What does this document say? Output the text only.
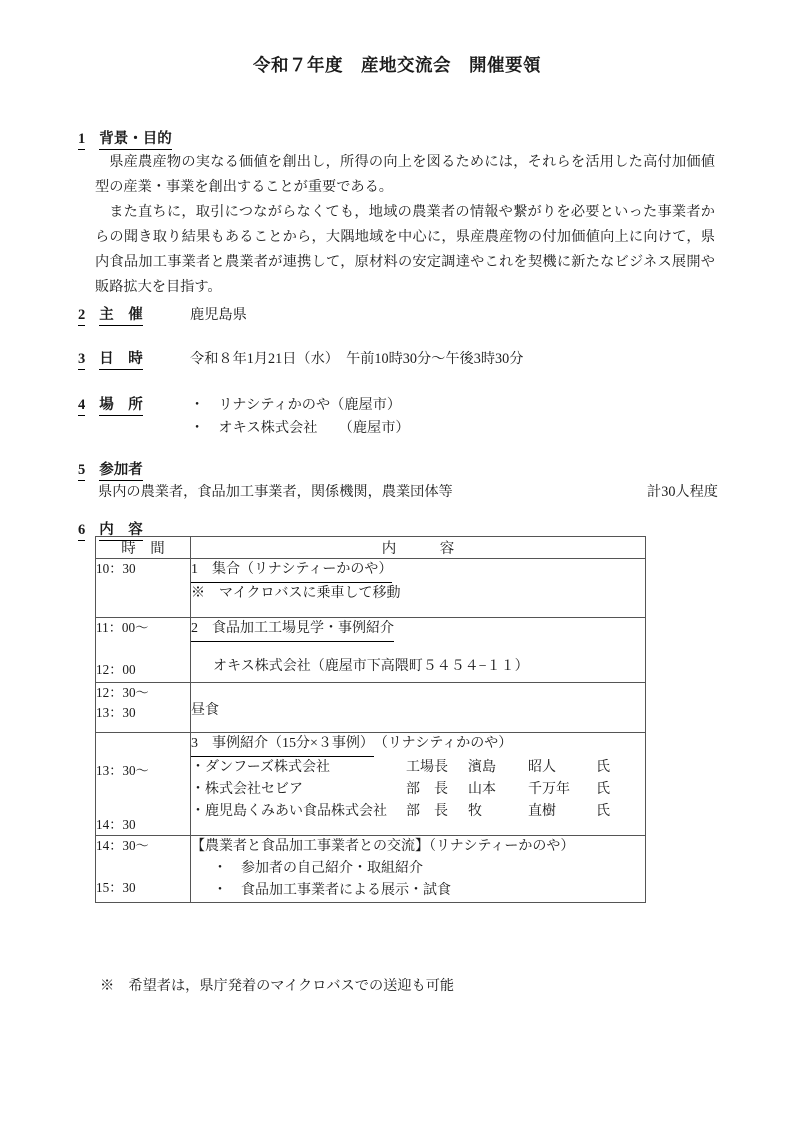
令和７年度　産地交流会　開催要領
1 背景・目的

県産農産物の実なる価値を創出し，所得の向上を図るためには，それらを活用した高付加価値型の産業・事業を創出することが重要である。

また直ちに，取引につながらなくても，地域の農業者の情報や繋がりを必要といった事業者からの聞き取り結果もあることから，大隅地域を中心に，県産農産物の付加価値向上に向けて，県内食品加工事業者と農業者が連携して，原材料の安定調達やこれを契機に新たなビジネス展開や販路拡大を目指す。

2 主　催	鹿児島県
3 日　時	令和８年1月21日（水）　午前10時30分〜午後3時30分
4 場　所	・　リナシティかのや（鹿屋市）
・　オキス株式会社　　（鹿屋市）
5 参加者
県内の農業者，食品加工事業者，関係機関，農業団体等	計30人程度
6 内　容
時　間	内　　　容
10：30	1　集合（リナシティーかのや）
※　マイクロバスに乗車して移動

11：00〜
12：00	2　食品加工工場見学・事例紹介
オキス株式会社（鹿屋市下高隈町５４５４−１１）

12：30〜
13：30	昼食

13：30〜
14：30	3　事例紹介（15分×３事例）（リナシティかのや）
・ダンフーズ株式会社 工場長 濱島 昭人 氏
・株式会社セビア 部　長 山本 千万年 氏
・鹿児島くみあい食品株式会社 部　長 牧 直樹 氏

14：30〜
15：30	【農業者と食品加工事業者との交流】（リナシティーかのや）
・　参加者の自己紹介・取組紹介
・　食品加工事業者による展示・試食
※　希望者は，県庁発着のマイクロバスでの送迎も可能
